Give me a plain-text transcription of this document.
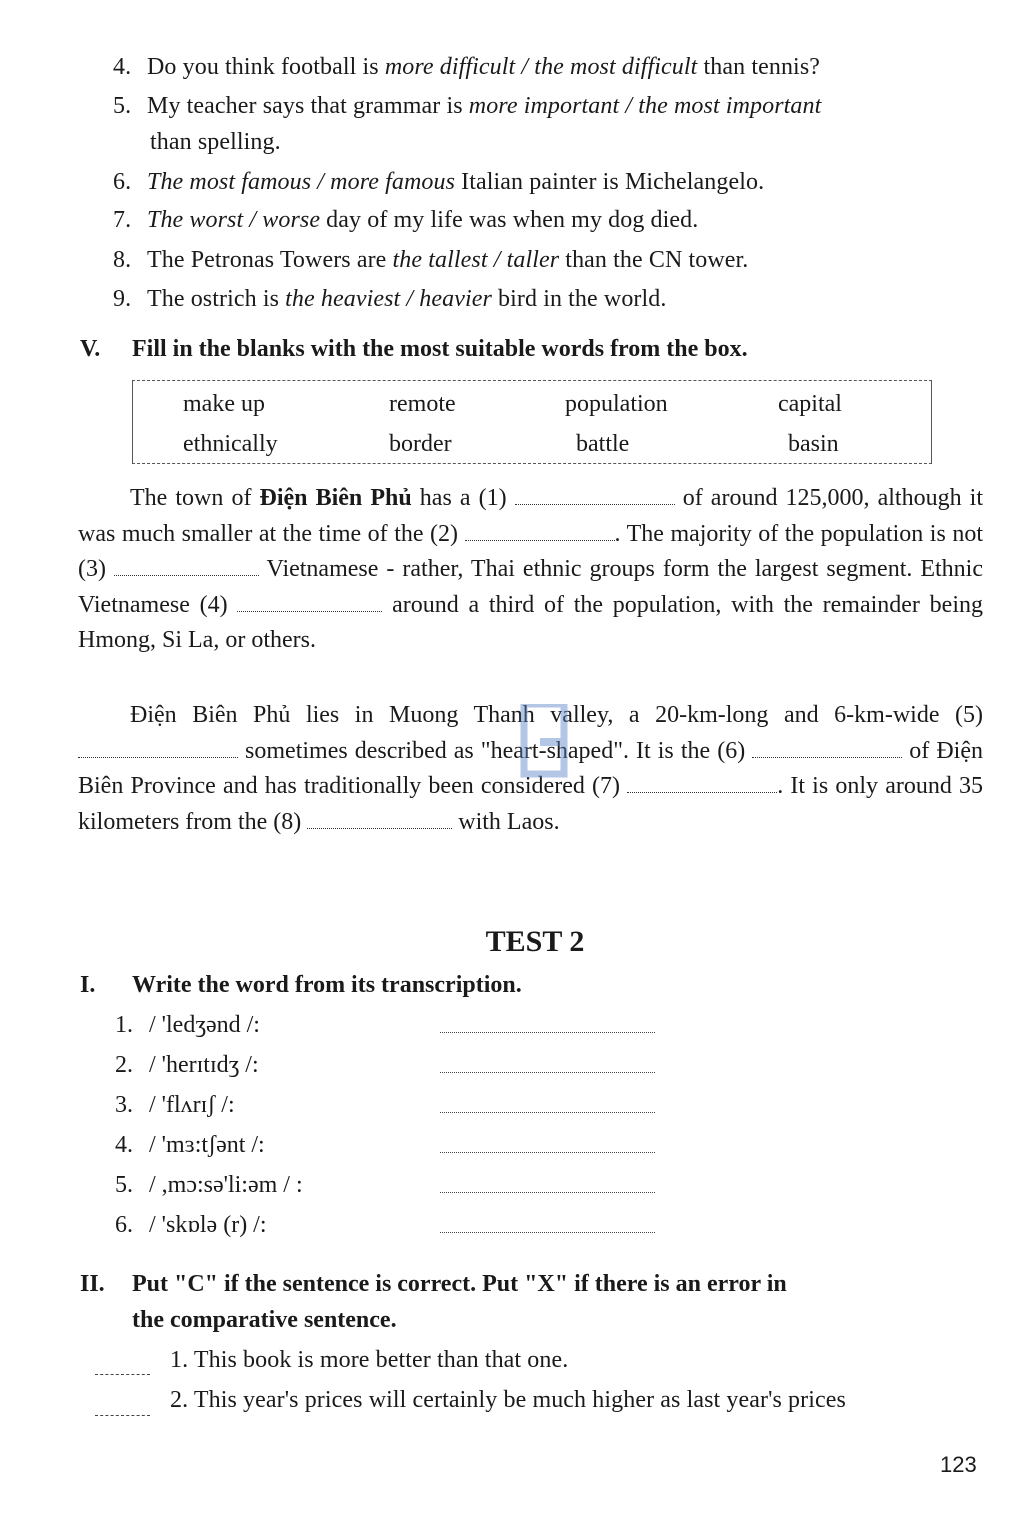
4. Do you think football is more difficult / the most difficult than tennis?
5. My teacher says that grammar is more important / the most important
than spelling.
6. The most famous / more famous Italian painter is Michelangelo.
7. The worst / worse day of my life was when my dog died.
8. The Petronas Towers are the tallest / taller than the CN tower.
9. The ostrich is the heaviest / heavier bird in the world.
V. Fill in the blanks with the most suitable words from the box.
make up	remote	population	capital
ethnically	border	battle	basin
The town of Điện Biên Phủ has a (1)	of around 125,000, although it was much smaller at the time of the (2)	. The majority of the population is not (3)	Vietnamese - rather, Thai ethnic groups form the largest segment. Ethnic Vietnamese (4)	around a third of the population, with the remainder being Hmong, Si La, or others.
Điện Biên Phủ lies in Muong Thanh valley, a 20-km-long and 6-km-wide (5)  sometimes described as "heart-shaped". It is the (6)	of Điện Biên Province and has traditionally been considered (7)	. It is only around 35 kilometers from the (8)	with Laos.
TEST 2
I. Write the word from its transcription.
1. / 'ledʒənd /:
2. / 'herɪtɪdʒ /:
3. / 'flʌrɪʃ /:
4. / 'mɜ:tʃənt /:
5. / ,mɔ:sə'li:əm / :
6. / 'skɒlə (r) /:
II. Put "C" if the sentence is correct. Put "X" if there is an error in
the comparative sentence.
1. This book is more better than that one.
2. This year's prices will certainly be much higher as last year's prices
123
